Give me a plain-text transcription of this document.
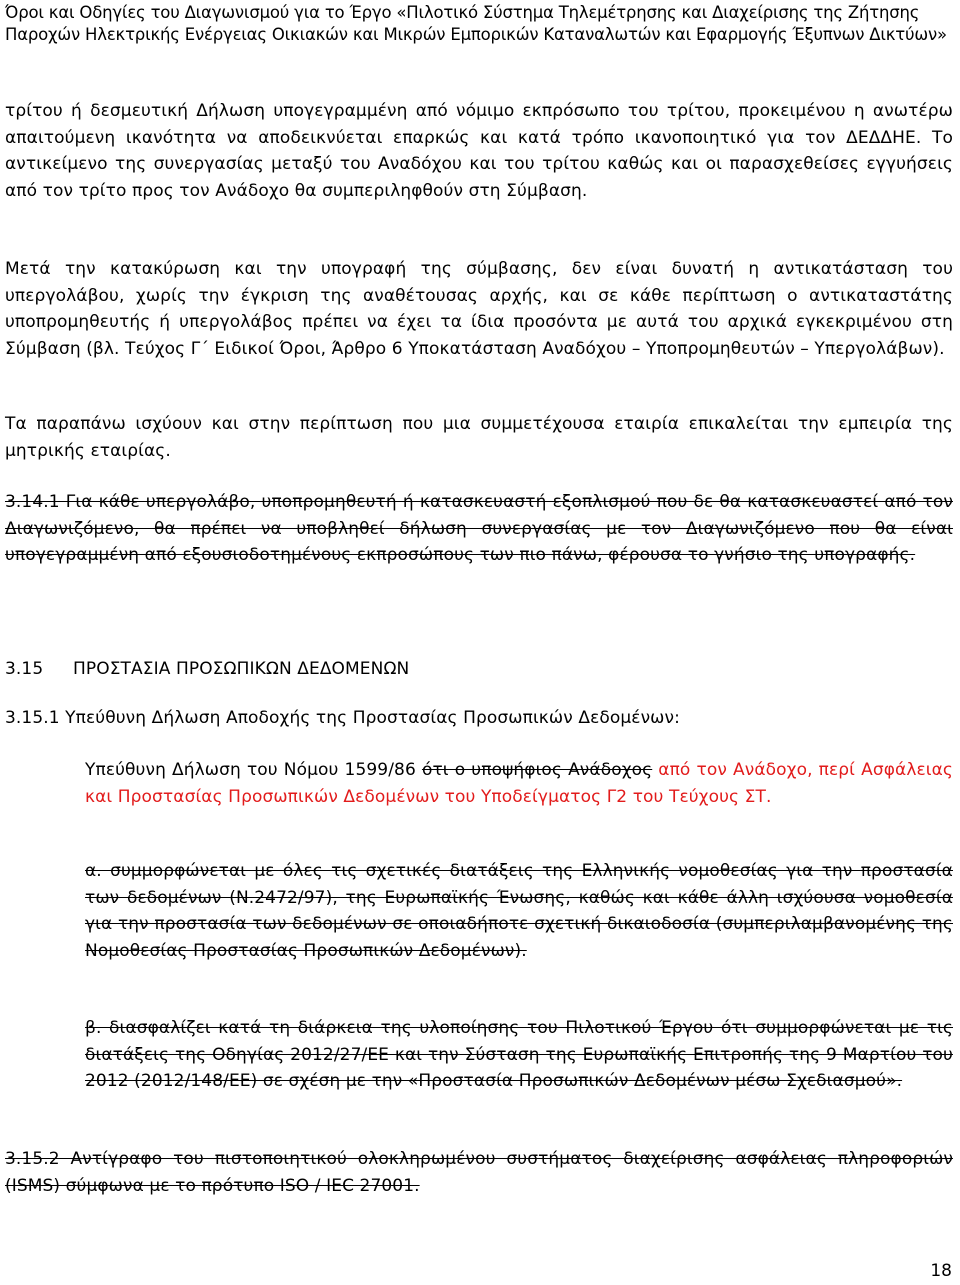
Όροι και Οδηγίες του Διαγωνισμού για το Έργο «Πιλοτικό Σύστημα Τηλεμέτρησης και Διαχείρισης της Ζήτησης Παροχών Ηλεκτρικής Ενέργειας Οικιακών και Μικρών Εμπορικών Καταναλωτών και Εφαρμογής Έξυπνων Δικτύων»

τρίτου ή δεσμευτική Δήλωση υπογεγραμμένη από νόμιμο εκπρόσωπο του τρίτου, προκειμένου η ανωτέρω απαιτούμενη ικανότητα να αποδεικνύεται επαρκώς και κατά τρόπο ικανοποιητικό για τον ΔΕΔΔΗΕ. Το αντικείμενο της συνεργασίας μεταξύ του Αναδόχου και του τρίτου καθώς και οι παρασχεθείσες εγγυήσεις από τον τρίτο προς τον Ανάδοχο θα συμπεριληφθούν στη Σύμβαση.

Μετά την κατακύρωση και την υπογραφή της σύμβασης, δεν είναι δυνατή η αντικατάσταση του υπεργολάβου, χωρίς την έγκριση της αναθέτουσας αρχής, και σε κάθε περίπτωση ο αντικαταστάτης υποπρομηθευτής ή υπεργολάβος πρέπει να έχει τα ίδια προσόντα με αυτά του αρχικά εγκεκριμένου στη Σύμβαση (βλ. Τεύχος Γ΄ Ειδικοί Όροι, Άρθρο 6 Υποκατάσταση Αναδόχου – Υποπρομηθευτών – Υπεργολάβων).

Τα παραπάνω ισχύουν και στην περίπτωση που μια συμμετέχουσα εταιρία επικαλείται την εμπειρία της μητρικής εταιρίας.

3.14.1 Για κάθε υπεργολάβο, υποπρομηθευτή ή κατασκευαστή εξοπλισμού που δε θα κατασκευαστεί από τον Διαγωνιζόμενο, θα πρέπει να υποβληθεί δήλωση συνεργασίας με τον Διαγωνιζόμενο που θα είναι υπογεγραμμένη από εξουσιοδοτημένους εκπροσώπους των πιο πάνω, φέρουσα το γνήσιο της υπογραφής.

3.15 ΠΡΟΣΤΑΣΙΑ ΠΡΟΣΩΠΙΚΩΝ ΔΕΔΟΜΕΝΩΝ

3.15.1 Υπεύθυνη Δήλωση Αποδοχής της Προστασίας Προσωπικών Δεδομένων:

Υπεύθυνη Δήλωση του Νόμου 1599/86 ότι ο υποψήφιος Ανάδοχος από τον Ανάδοχο, περί Ασφάλειας και Προστασίας Προσωπικών Δεδομένων του Υποδείγματος Γ2 του Τεύχους ΣΤ.

α. συμμορφώνεται με όλες τις σχετικές διατάξεις της Ελληνικής νομοθεσίας για την προστασία των δεδομένων (Ν.2472/97), της Ευρωπαϊκής Ένωσης, καθώς και κάθε άλλη ισχύουσα νομοθεσία για την προστασία των δεδομένων σε οποιαδήποτε σχετική δικαιοδοσία (συμπεριλαμβανομένης της Νομοθεσίας Προστασίας Προσωπικών Δεδομένων).

β. διασφαλίζει κατά τη διάρκεια της υλοποίησης του Πιλοτικού Έργου ότι συμμορφώνεται με τις διατάξεις της Οδηγίας 2012/27/ΕΕ και την Σύσταση της Ευρωπαϊκής Επιτροπής της 9 Μαρτίου του 2012 (2012/148/ΕΕ) σε σχέση με την «Προστασία Προσωπικών Δεδομένων μέσω Σχεδιασμού».

3.15.2 Αντίγραφο του πιστοποιητικού ολοκληρωμένου συστήματος διαχείρισης ασφάλειας πληροφοριών (ISMS) σύμφωνα με το πρότυπο ISO / IEC 27001.

18
